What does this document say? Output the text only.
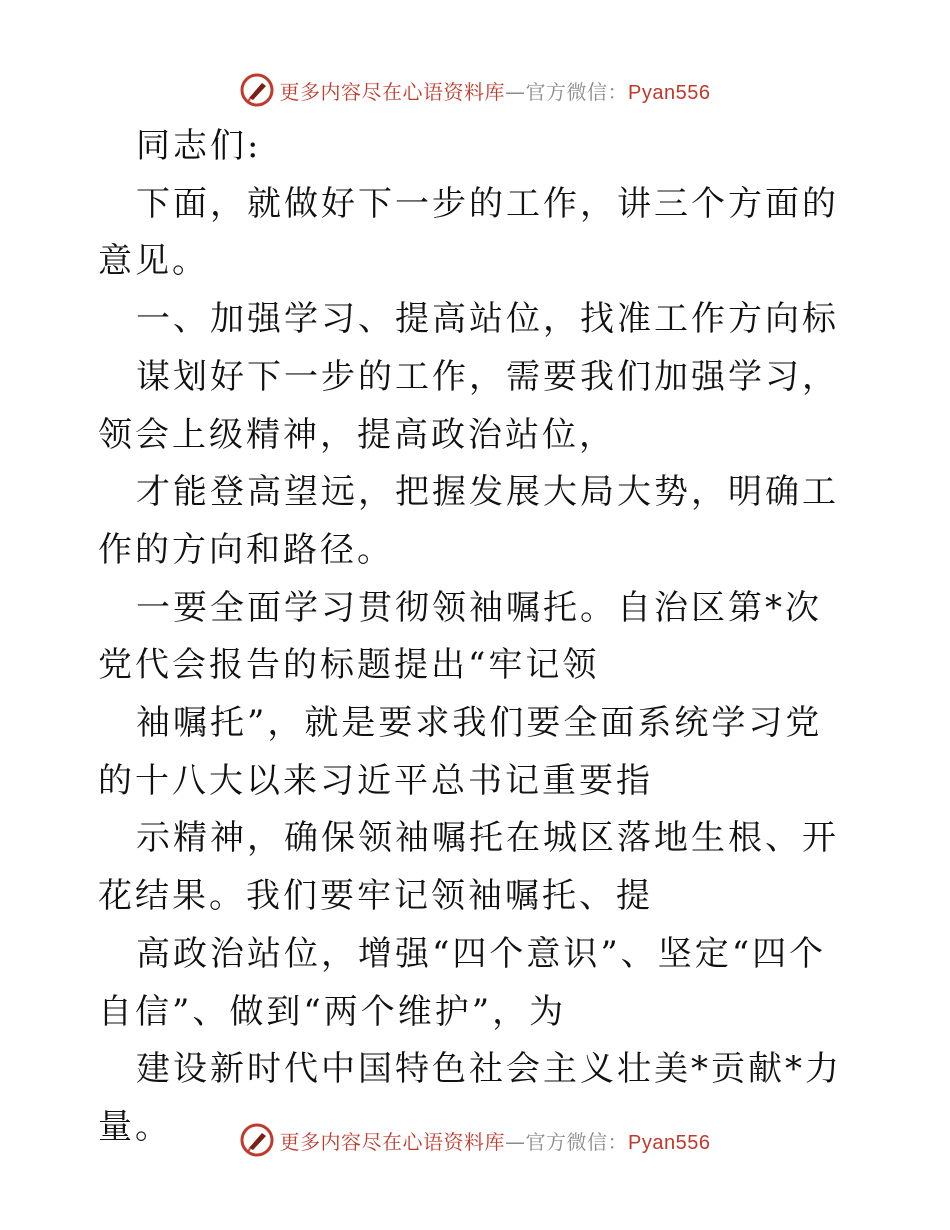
更多内容尽在心语资料库—官方微信：Pyan556

同志们:

下面，就做好下一步的工作，讲三个方面的意见。

一、加强学习、提高站位，找准工作方向标

谋划好下一步的工作，需要我们加强学习，领会上级精神，提高政治站位，

才能登高望远，把握发展大局大势，明确工作的方向和路径。

一要全面学习贯彻领袖嘱托。自治区第*次党代会报告的标题提出“牢记领

袖嘱托”，就是要求我们要全面系统学习党的十八大以来习近平总书记重要指

示精神，确保领袖嘱托在城区落地生根、开花结果。我们要牢记领袖嘱托、提

高政治站位，增强“四个意识”、坚定“四个自信”、做到“两个维护”，为

建设新时代中国特色社会主义壮美*贡献*力量。	更多内容尽在心语资料库—官方微信：Pyan556
